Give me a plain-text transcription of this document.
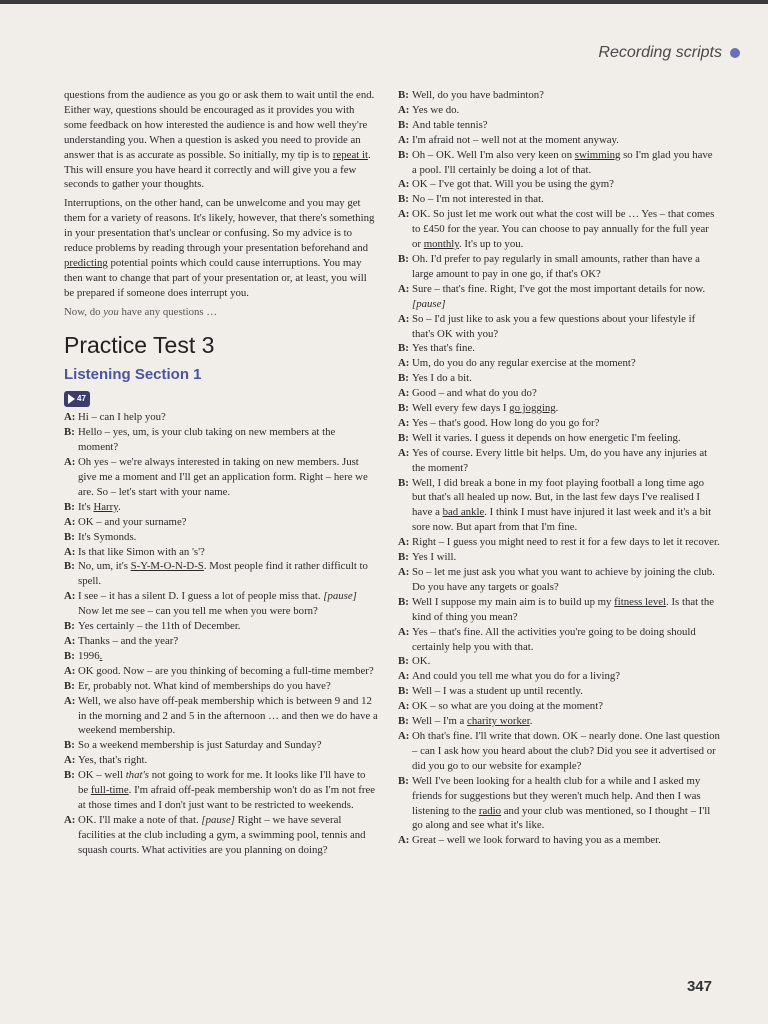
Recording scripts

questions from the audience as you go or ask them to wait until the end. Either way, questions should be encouraged as it provides you with some feedback on how interested the audience is and how well they're understanding you. When a question is asked you need to provide an answer that is as accurate as possible. So initially, my tip is to repeat it. This will ensure you have heard it correctly and will give you a few seconds to gather your thoughts.

Interruptions, on the other hand, can be unwelcome and you may get them for a variety of reasons. It's likely, however, that there's something in your presentation that's unclear or confusing. So my advice is to reduce problems by reading through your presentation beforehand and predicting potential points which could cause interruptions. You may then want to change that part of your presentation or, at least, you will be prepared if someone does interrupt you.

Now, do you have any questions …

Practice Test 3
Listening Section 1
47
A: Hi – can I help you?
B: Hello – yes, um, is your club taking on new members at the moment?
A: Oh yes – we're always interested in taking on new members. Just give me a moment and I'll get an application form. Right – here we are. So – let's start with your name.
B: It's Harry.
A: OK – and your surname?
B: It's Symonds.
A: Is that like Simon with an 's'?
B: No, um, it's S-Y-M-O-N-D-S. Most people find it rather difficult to spell.
A: I see – it has a silent D. I guess a lot of people miss that. [pause] Now let me see – can you tell me when you were born?
B: Yes certainly – the 11th of December.
A: Thanks – and the year?
B: 1996.
A: OK good. Now – are you thinking of becoming a full-time member?
B: Er, probably not. What kind of memberships do you have?
A: Well, we also have off-peak membership which is between 9 and 12 in the morning and 2 and 5 in the afternoon … and then we do have a weekend membership.
B: So a weekend membership is just Saturday and Sunday?
A: Yes, that's right.
B: OK – well that's not going to work for me. It looks like I'll have to be full-time. I'm afraid off-peak membership won't do as I'm not free at those times and I don't just want to be restricted to weekends.
A: OK. I'll make a note of that. [pause] Right – we have several facilities at the club including a gym, a swimming pool, tennis and squash courts. What activities are you planning on doing?
B: Well, do you have badminton?
A: Yes we do.
B: And table tennis?
A: I'm afraid not – well not at the moment anyway.
B: Oh – OK. Well I'm also very keen on swimming so I'm glad you have a pool. I'll certainly be doing a lot of that.
A: OK – I've got that. Will you be using the gym?
B: No – I'm not interested in that.
A: OK. So just let me work out what the cost will be … Yes – that comes to £450 for the year. You can choose to pay annually for the full year or monthly. It's up to you.
B: Oh. I'd prefer to pay regularly in small amounts, rather than have a large amount to pay in one go, if that's OK?
A: Sure – that's fine. Right, I've got the most important details for now.
[pause]
A: So – I'd just like to ask you a few questions about your lifestyle if that's OK with you?
B: Yes that's fine.
A: Um, do you do any regular exercise at the moment?
B: Yes I do a bit.
A: Good – and what do you do?
B: Well every few days I go jogging.
A: Yes – that's good. How long do you go for?
B: Well it varies. I guess it depends on how energetic I'm feeling.
A: Yes of course. Every little bit helps. Um, do you have any injuries at the moment?
B: Well, I did break a bone in my foot playing football a long time ago but that's all healed up now. But, in the last few days I've realised I have a bad ankle. I think I must have injured it last week and it's a bit sore now. But apart from that I'm fine.
A: Right – I guess you might need to rest it for a few days to let it recover.
B: Yes I will.
A: So – let me just ask you what you want to achieve by joining the club. Do you have any targets or goals?
B: Well I suppose my main aim is to build up my fitness level. Is that the kind of thing you mean?
A: Yes – that's fine. All the activities you're going to be doing should certainly help you with that.
B: OK.
A: And could you tell me what you do for a living?
B: Well – I was a student up until recently.
A: OK – so what are you doing at the moment?
B: Well – I'm a charity worker.
A: Oh that's fine. I'll write that down. OK – nearly done. One last question – can I ask how you heard about the club? Did you see it advertised or did you go to our website for example?
B: Well I've been looking for a health club for a while and I asked my friends for suggestions but they weren't much help. And then I was listening to the radio and your club was mentioned, so I thought – I'll go along and see what it's like.
A: Great – well we look forward to having you as a member.
347
